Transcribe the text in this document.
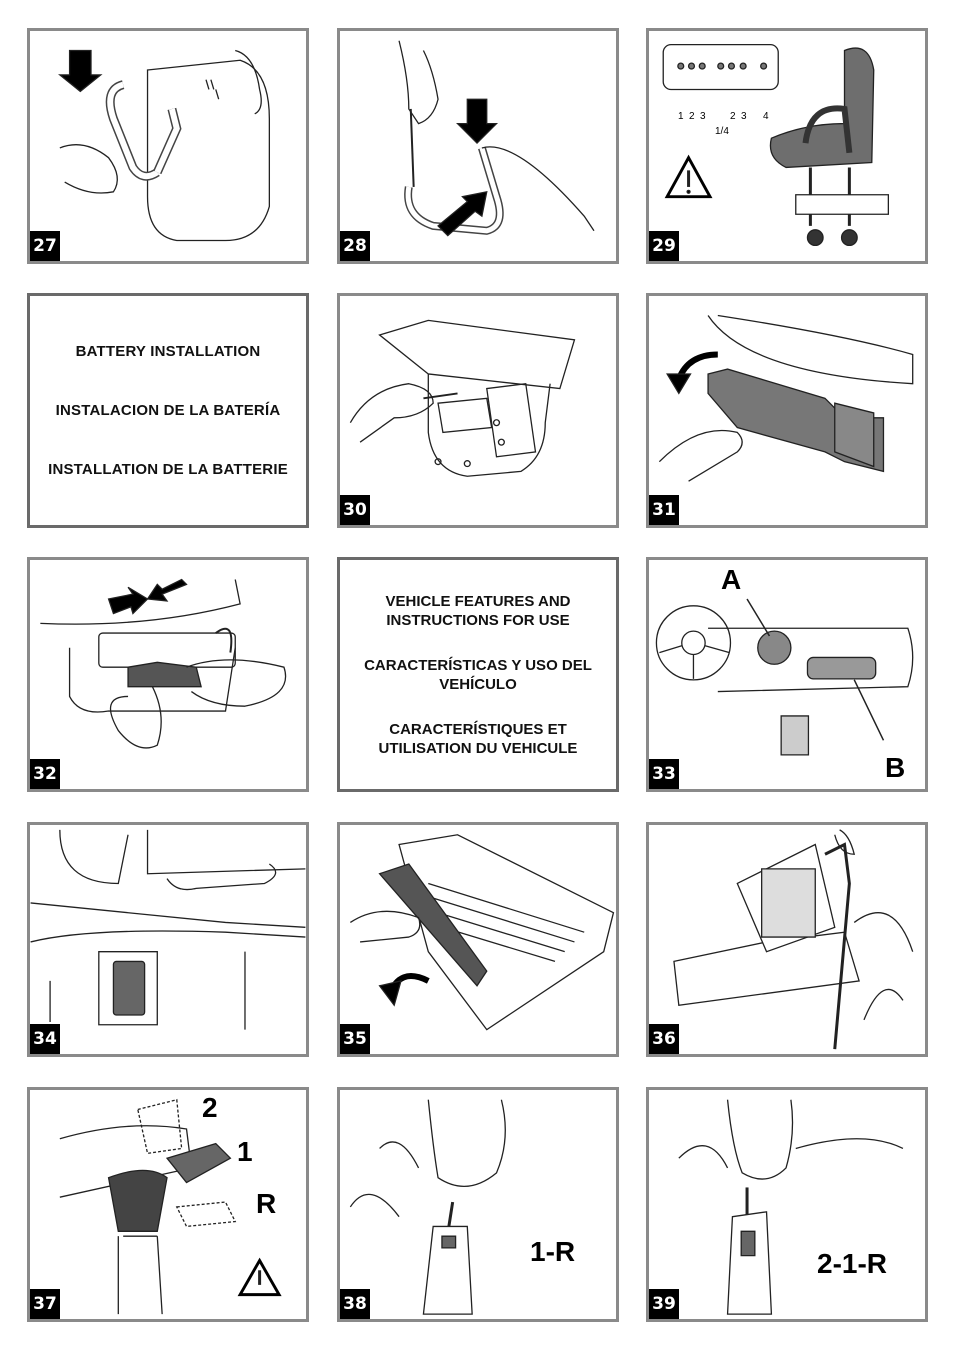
27	28
1 2 3 2 3 4
1/4
29
BATTERY INSTALLATION
INSTALACION DE LA BATERÍA
INSTALLATION DE LA BATTERIE
30	31
32
VEHICLE FEATURES AND
INSTRUCTIONS FOR USE
CARACTERÍSTICAS Y USO DEL
VEHÍCULO
CARACTERÍSTIQUES ET
UTILISATION DU VEHICULE
A
B
33
34	35	36
2
1
R
37
1-R
38
2-1-R
39
